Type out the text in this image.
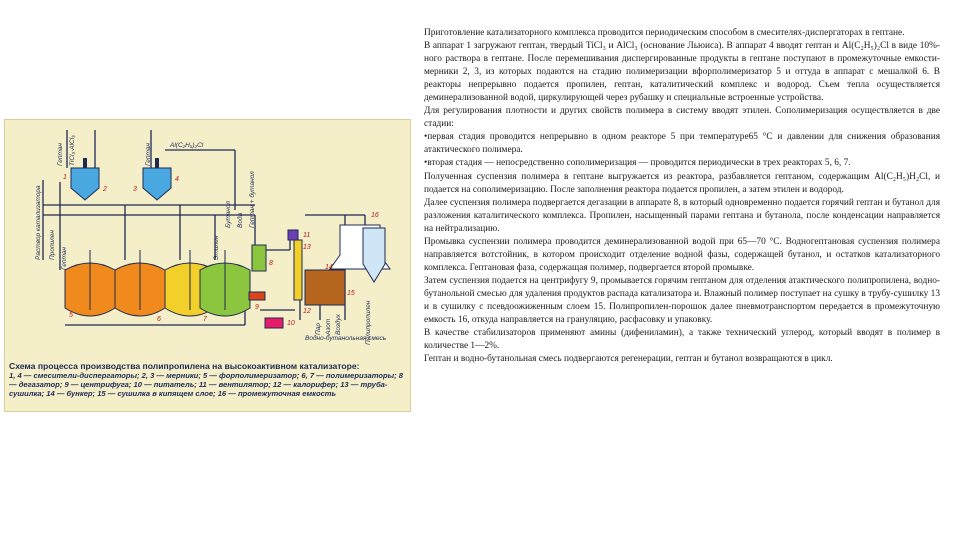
Гептан TiCl₃·AlCl₃	Гептан	Al(C₂H₅)₂Cl
Раствор катализатора Пропилен Гептан	Этилен
Бутанол Вода Гептан + бутанол
Пар Азот Воздух	Полипропилен
Водно-бутанольная смесь
1
2	3
4
5
6	7
8
9
10
11
12
13
14
15
16
Схема процесса производства полипропилена на высокоактивном катализаторе:
1, 4 — смесители-диспергаторы; 2, 3 — мерники; 5 — форполимеризатор; 6, 7 — полимеризаторы; 8 — дегазатор; 9 — центрифуга; 10 — питатель; 11 — вентилятор; 12 — калорифер; 13 — труба-сушилка; 14 — бункер; 15 — сушилка в кипящем слое; 16 — промежуточная емкость

Приготовление катализаторного комплекса проводится периодическим способом в смесителях-диспергаторах в гептане.

В аппарат 1 загружают гептан, твердый TiCl₃ и AlCl₃ (основание Льюиса). В аппарат 4 вводят гептан и Al(C₂H₅)₂Cl в виде 10%-ного раствора в гептане. После перемешивания диспергированные продукты в гептане поступают в промежуточные емкости-мерники 2, 3, из которых подаются на стадию полимеризации вфорполимеризатор 5 и оттуда в аппарат с мешалкой 6. В реакторы непрерывно подается пропилен, гептан, каталитический комплекс и водород. Съем тепла осуществляется деминерализованной водой, циркулирующей через рубашку и специальные встроенные устройства.

Для регулирования плотности и других свойств полимера в систему вводят этилен. Сополимеризация осуществляется в две стадии:

•первая стадия проводится непрерывно в одном реакторе 5 при температуре65 °С и давлении для снижения образования атактического полимера.

•вторая стадия — непосредственно сополимеризация — проводится периодически в трех реакторах 5, 6, 7.

Полученная суспензия полимера в гептане выгружается из реактора, разбавляется гептаном, содержащим Al(C₂H₅)H₂Cl, и подается на сополимеризацию. После заполнения реактора подается пропилен, а затем этилен и водород.

Далее суспензия полимера подвергается дегазации в аппарате 8, в который одновременно подается горячий гептан и бутанол для разложения каталитического комплекса. Пропилен, насыщенный парами гептана и бутанола, после конденсации направляется на нейтрализацию.

Промывка суспензии полимера проводится деминерализованной водой при 65—70 °С. Водногептановая суспензия полимера направляется вотстойник, в котором происходит отделение водной фазы, содержащей бутанол, и остатков катализаторного комплекса. Гептановая фаза, содержащая полимер, подвергается второй промывке.

Затем суспензия подается на центрифугу 9, промывается горячим гептаном для отделения атактического полипропилена, водно-бутанольной смесью для удаления продуктов распада катализатора и. Влажный полимер поступает на сушку в трубу-сушилку 13 и в сушилку с псевдоожиженным слоем 15. Полипропилен-порошок далее пневмотранспортом передается в промежуточную емкость 16, откуда направляется на грануляцию, расфасовку и упаковку.

В качестве стабилизаторов применяют амины (дифениламин), а также технический углерод, который вводят в полимер в количестве 1—2%.

Гептан и водно-бутанольная смесь подвергаются регенерации, гептан и бутанол возвращаются в цикл.
